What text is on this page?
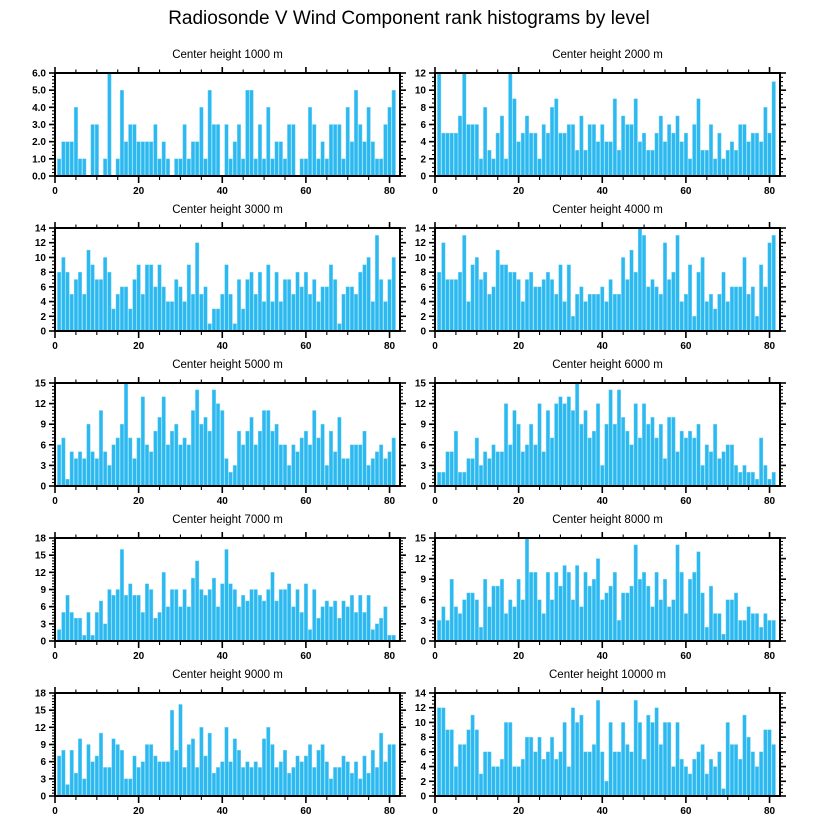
Radiosonde V Wind Component rank histograms by level
Center height 1000 m
0.0
1.0
2.0
3.0
4.0
5.0
6.0
0	20	40	60	80
Center height 2000 m
0
2
4
6
8
10
12
0	20	40	60	80
Center height 3000 m
0
2
4
6
8
10
12
14
0	20	40	60	80
Center height 4000 m
0
2
4
6
8
10
12
14
0	20	40	60	80
Center height 5000 m
0
3
6
9
12
15
0	20	40	60	80
Center height 6000 m
0
3
6
9
12
15
0	20	40	60	80
Center height 7000 m
0
3
6
9
12
15
18
0	20	40	60	80
Center height 8000 m
0
3
6
9
12
15
0	20	40	60	80
Center height 9000 m
0
3
6
9
12
15
18
0	20	40	60	80
Center height 10000 m
0
2
4
6
8
10
12
14
0	20	40	60	80
